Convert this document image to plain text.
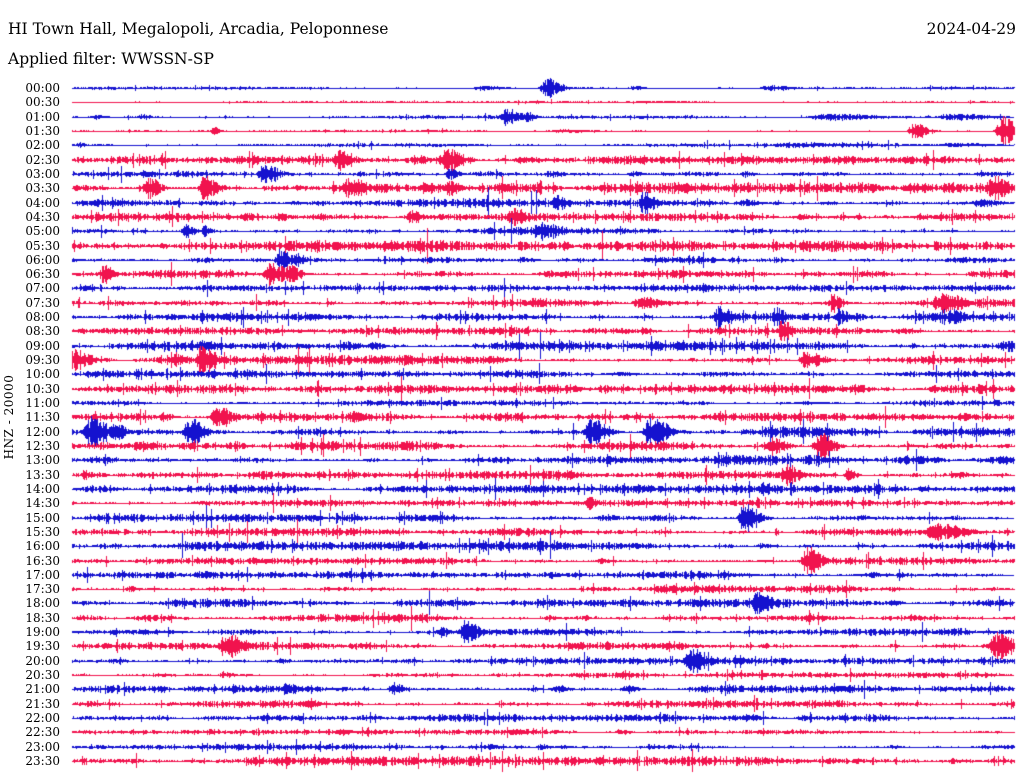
HI Town Hall, Megalopoli, Arcadia, Peloponnese	2024-04-29
Applied filter: WWSSN-SP
HNZ - 20000
00:00
00:30
01:00
01:30
02:00
02:30
03:00
03:30
04:00
04:30
05:00
05:30
06:00
06:30
07:00
07:30
08:00
08:30
09:00
09:30
10:00
10:30
11:00
11:30
12:00
12:30
13:00
13:30
14:00
14:30
15:00
15:30
16:00
16:30
17:00
17:30
18:00
18:30
19:00
19:30
20:00
20:30
21:00
21:30
22:00
22:30
23:00
23:30
